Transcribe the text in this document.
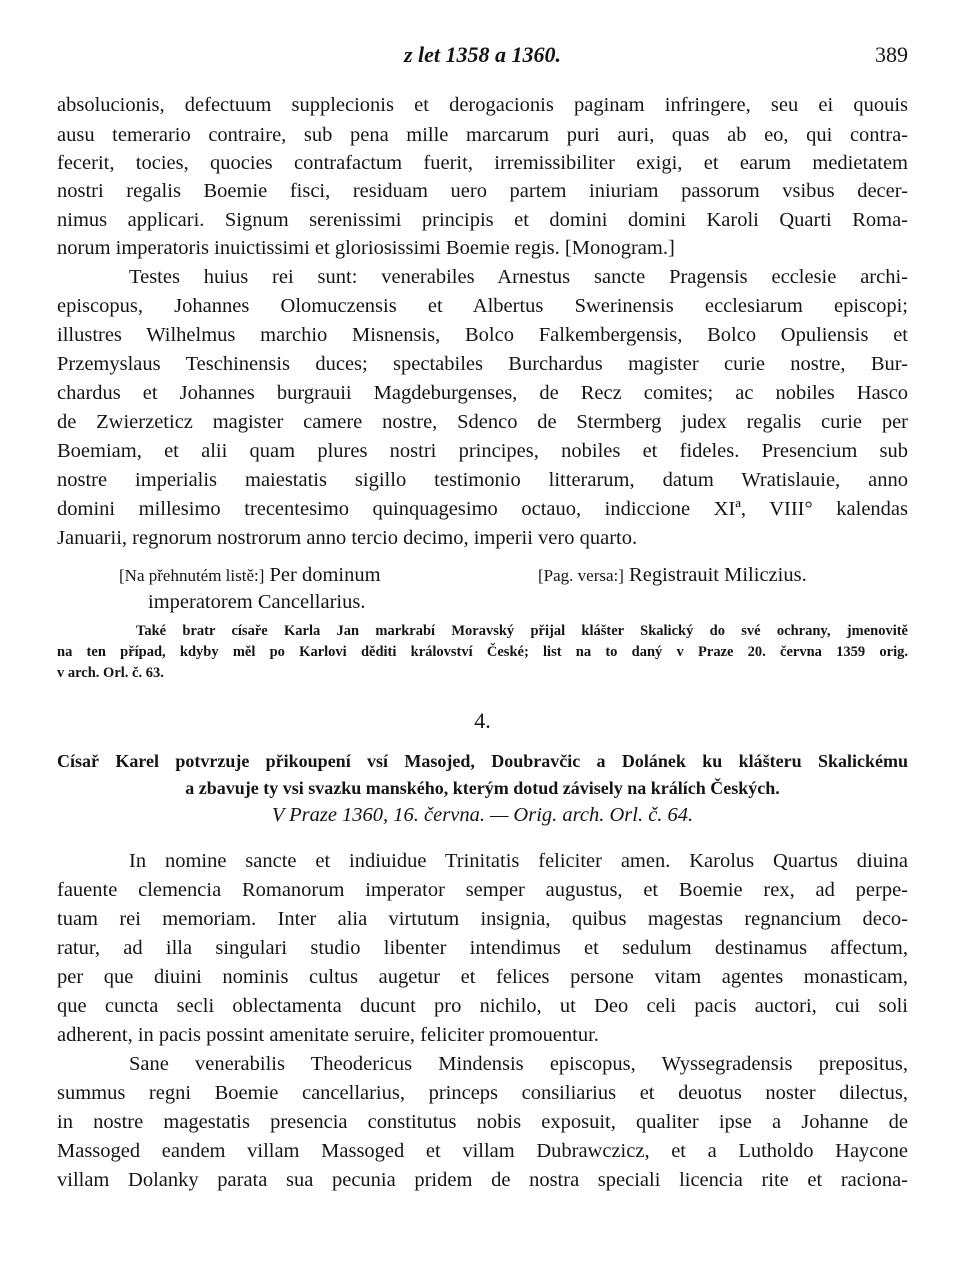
z let 1358 a 1360.	389
absolucionis, defectuum supplecionis et derogacionis paginam infringere, seu ei quouis
ausu temerario contraire, sub pena mille marcarum puri auri, quas ab eo, qui contra-
fecerit, tocies, quocies contrafactum fuerit, irremissibiliter exigi, et earum medietatem
nostri regalis Boemie fisci, residuam uero partem iniuriam passorum vsibus decer-
nimus applicari. Signum serenissimi principis et domini domini Karoli Quarti Roma-
norum imperatoris inuictissimi et gloriosissimi Boemie regis. [Monogram.]
Testes huius rei sunt: venerabiles Arnestus sancte Pragensis ecclesie archi-
episcopus, Johannes Olomuczensis et Albertus Swerinensis ecclesiarum episcopi;
illustres Wilhelmus marchio Misnensis, Bolco Falkembergensis, Bolco Opuliensis et
Przemyslaus Teschinensis duces; spectabiles Burchardus magister curie nostre, Bur-
chardus et Johannes burgrauii Magdeburgenses, de Recz comites; ac nobiles Hasco
de Zwierzeticz magister camere nostre, Sdenco de Stermberg judex regalis curie per
Boemiam, et alii quam plures nostri principes, nobiles et fideles. Presencium sub
nostre imperialis maiestatis sigillo testimonio litterarum, datum Wratislauie, anno
domini millesimo trecentesimo quinquagesimo octauo, indiccione XIª, VIII° kalendas
Januarii, regnorum nostrorum anno tercio decimo, imperii vero quarto.
[Na přehnutém listě:] Per dominum
imperatorem Cancellarius.
[Pag. versa:] Registrauit Miliczius.
Také bratr císaře Karla Jan markrabí Moravský přijal klášter Skalický do své ochrany, jmenovitě
na ten případ, kdyby měl po Karlovi děditi království České; list na to daný v Praze 20. června 1359 orig.
v arch. Orl. č. 63.
4.
Císař Karel potvrzuje přikoupení vsí Masojed, Doubravčic a Dolánek ku klášteru Skalickému
a zbavuje ty vsi svazku manského, kterým dotud závisely na králích Českých.
V Praze 1360, 16. června. — Orig. arch. Orl. č. 64.
In nomine sancte et indiuidue Trinitatis feliciter amen. Karolus Quartus diuina
fauente clemencia Romanorum imperator semper augustus, et Boemie rex, ad perpe-
tuam rei memoriam. Inter alia virtutum insignia, quibus magestas regnancium deco-
ratur, ad illa singulari studio libenter intendimus et sedulum destinamus affectum,
per que diuini nominis cultus augetur et felices persone vitam agentes monasticam,
que cuncta secli oblectamenta ducunt pro nichilo, ut Deo celi pacis auctori, cui soli
adherent, in pacis possint amenitate seruire, feliciter promouentur.
Sane venerabilis Theodericus Mindensis episcopus, Wyssegradensis prepositus,
summus regni Boemie cancellarius, princeps consiliarius et deuotus noster dilectus,
in nostre magestatis presencia constitutus nobis exposuit, qualiter ipse a Johanne de
Massoged eandem villam Massoged et villam Dubrawczicz, et a Lutholdo Haycone
villam Dolanky parata sua pecunia pridem de nostra speciali licencia rite et raciona-
